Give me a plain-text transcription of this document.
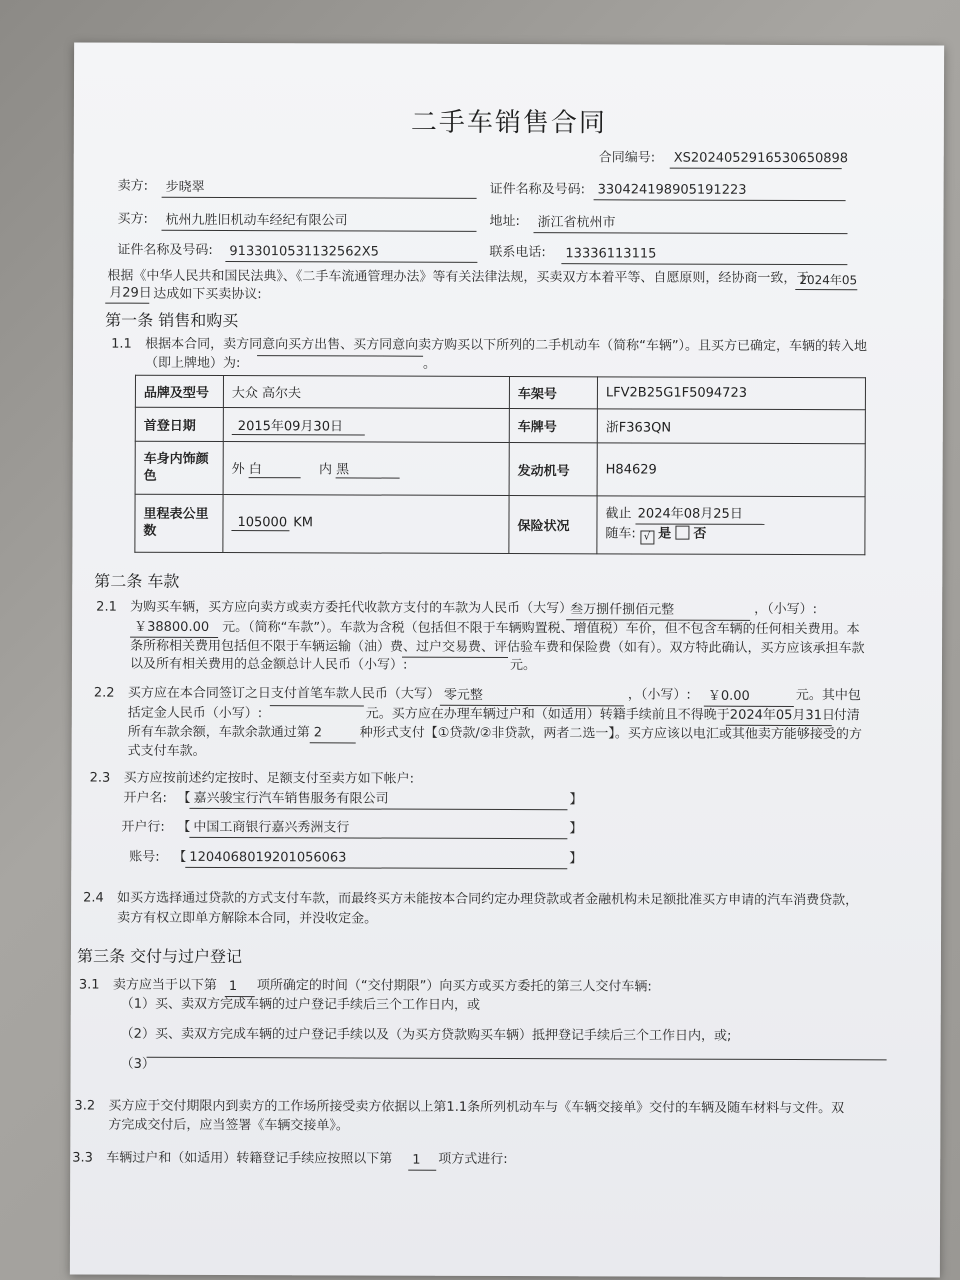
二手车销售合同
合同编号:	XS2024052916530650898
卖方:	步晓翠	证件名称及号码: 330424198905191223
买方:	杭州九胜旧机动车经纪有限公司	地址:	浙江省杭州市
证件名称及号码:	9133010531132562X5	联系电话:	13336113115
根据《中华人民共和国民法典》、《二手车流通管理办法》等有关法律法规，买卖双方本着平等、自愿原则，经协商一致，于
2024年05
月29日 达成如下买卖协议:
第一条 销售和购买
1.1 根据本合同，卖方同意向买方出售、买方同意向卖方购买以下所列的二手机动车（简称“车辆”）。且买方已确定，车辆的转入地
（即上牌地）为:	。
品牌及型号	大众 高尔夫	车架号	LFV2B25G1F5094723
首登日期	2015年09月30日	车牌号	浙F363QN
车身内饰颜色	外 白 内 黑	发动机号	H84629
里程表公里数	105000 KM	保险状况	截止 2024年08月25日
随车: √ 是 否
第二条 车款
2.1 为购买车辆，买方应向卖方或卖方委托代收款方支付的车款为人民币（大写）
叁万捌仟捌佰元整	，（小写）:
￥38800.00 元。（简称“车款”）。车款为含税（包括但不限于车辆购置税、增值税）车价，但不包含车辆的任何相关费用。本
条所称相关费用包括但不限于车辆运输（油）费、过户交易费、评估验车费和保险费（如有）。双方特此确认，买方应该承担车款
以及所有相关费用的总金额总计人民币（小写）:	元。
2.2 买方应在本合同签订之日支付首笔车款人民币（大写） 零元整	，（小写）:	￥0.00	元。其中包
括定金人民币（小写）:	元。买方应在办理车辆过户和（如适用）转籍手续前且不得晚于 2024年05月31日
付清
所有车款余额，车款余款通过第 2	种形式支付【①贷款/②非贷款，两者二选一】。买方应该以电汇或其他卖方能够接受的方
式支付车款。
2.3 买方应按前述约定按时、足额支付至卖方如下帐户:
开户名: 【 嘉兴骏宝行汽车销售服务有限公司	】
开户行: 【 中国工商银行嘉兴秀洲支行	】
账号: 【 1204068019201056063	】
2.4 如买方选择通过贷款的方式支付车款，而最终买方未能按本合同约定办理贷款或者金融机构未足额批准买方申请的汽车消费贷款，
卖方有权立即单方解除本合同，并没收定金。
第三条 交付与过户登记
3.1 卖方应当于以下第 1	项所确定的时间（“交付期限”）向买方或买方委托的第三人交付车辆:
（1）买、卖双方完成车辆的过户登记手续后三个工作日内，或
（2）买、卖双方完成车辆的过户登记手续以及（为买方贷款购买车辆）抵押登记手续后三个工作日内，或;
（3）
3.2 买方应于交付期限内到卖方的工作场所接受卖方依据以上第1.1条所列机动车与《车辆交接单》交付的车辆及随车材料与文件。双
方完成交付后，应当签署《车辆交接单》。
3.3 车辆过户和（如适用）转籍登记手续应按照以下第	1	项方式进行:
